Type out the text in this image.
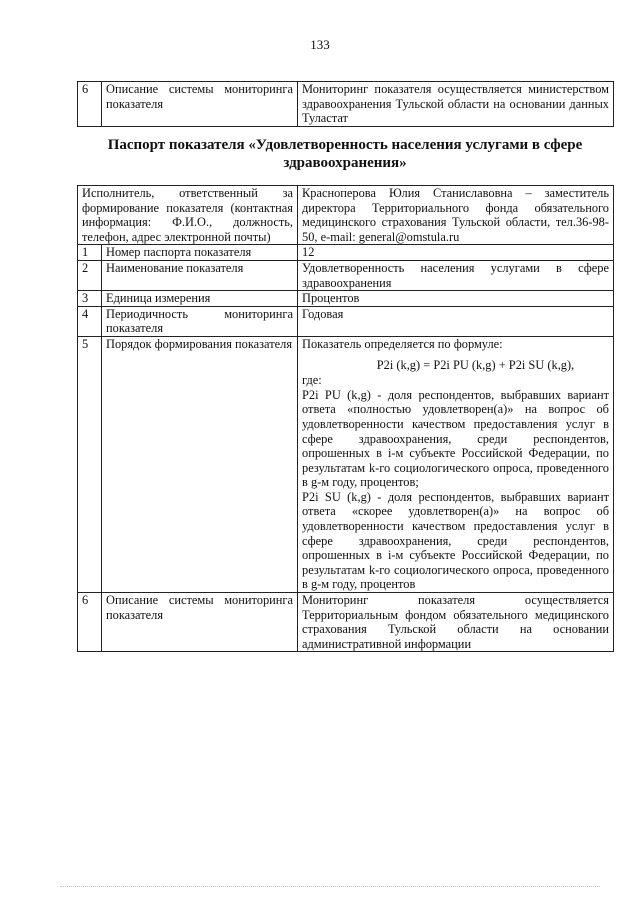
133
6	Описание системы мониторинга показателя	Мониторинг показателя осуществляется министерством здравоохранения Тульской области на основании данных Туластат
Паспорт показателя «Удовлетворенность населения услугами в сфере здравоохранения»
Исполнитель, ответственный за формирование показателя (контактная информация: Ф.И.О., должность, телефон, адрес электронной почты)		Красноперова Юлия Станиславовна – заместитель директора Территориального фонда обязательного медицинского страхования Тульской области, тел.36-98-50, e-mail: general@omstula.ru
1	Номер паспорта показателя	12
2	Наименование показателя	Удовлетворенность населения услугами в сфере здравоохранения
3	Единица измерения	Процентов
4	Периодичность мониторинга показателя	Годовая
5	Порядок формирования показателя	Показатель определяется по формуле:
P2i (k,g) = P2i PU (k,g) + P2i SU (k,g),
где:
P2i PU (k,g) - доля респондентов, выбравших вариант ответа «полностью удовлетворен(а)» на вопрос об удовлетворенности качеством предоставления услуг в сфере здравоохранения, среди респондентов, опрошенных в i-м субъекте Российской Федерации, по результатам k-го социологического опроса, проведенного в g-м году, процентов;
P2i SU (k,g) - доля респондентов, выбравших вариант ответа «скорее удовлетворен(а)» на вопрос об удовлетворенности качеством предоставления услуг в сфере здравоохранения, среди респондентов, опрошенных в i-м субъекте Российской Федерации, по результатам k-го социологического опроса, проведенного в g-м году, процентов

6	Описание системы мониторинга показателя	Мониторинг показателя осуществляется Территориальным фондом обязательного медицинского страхования Тульской области на основании административной информации
